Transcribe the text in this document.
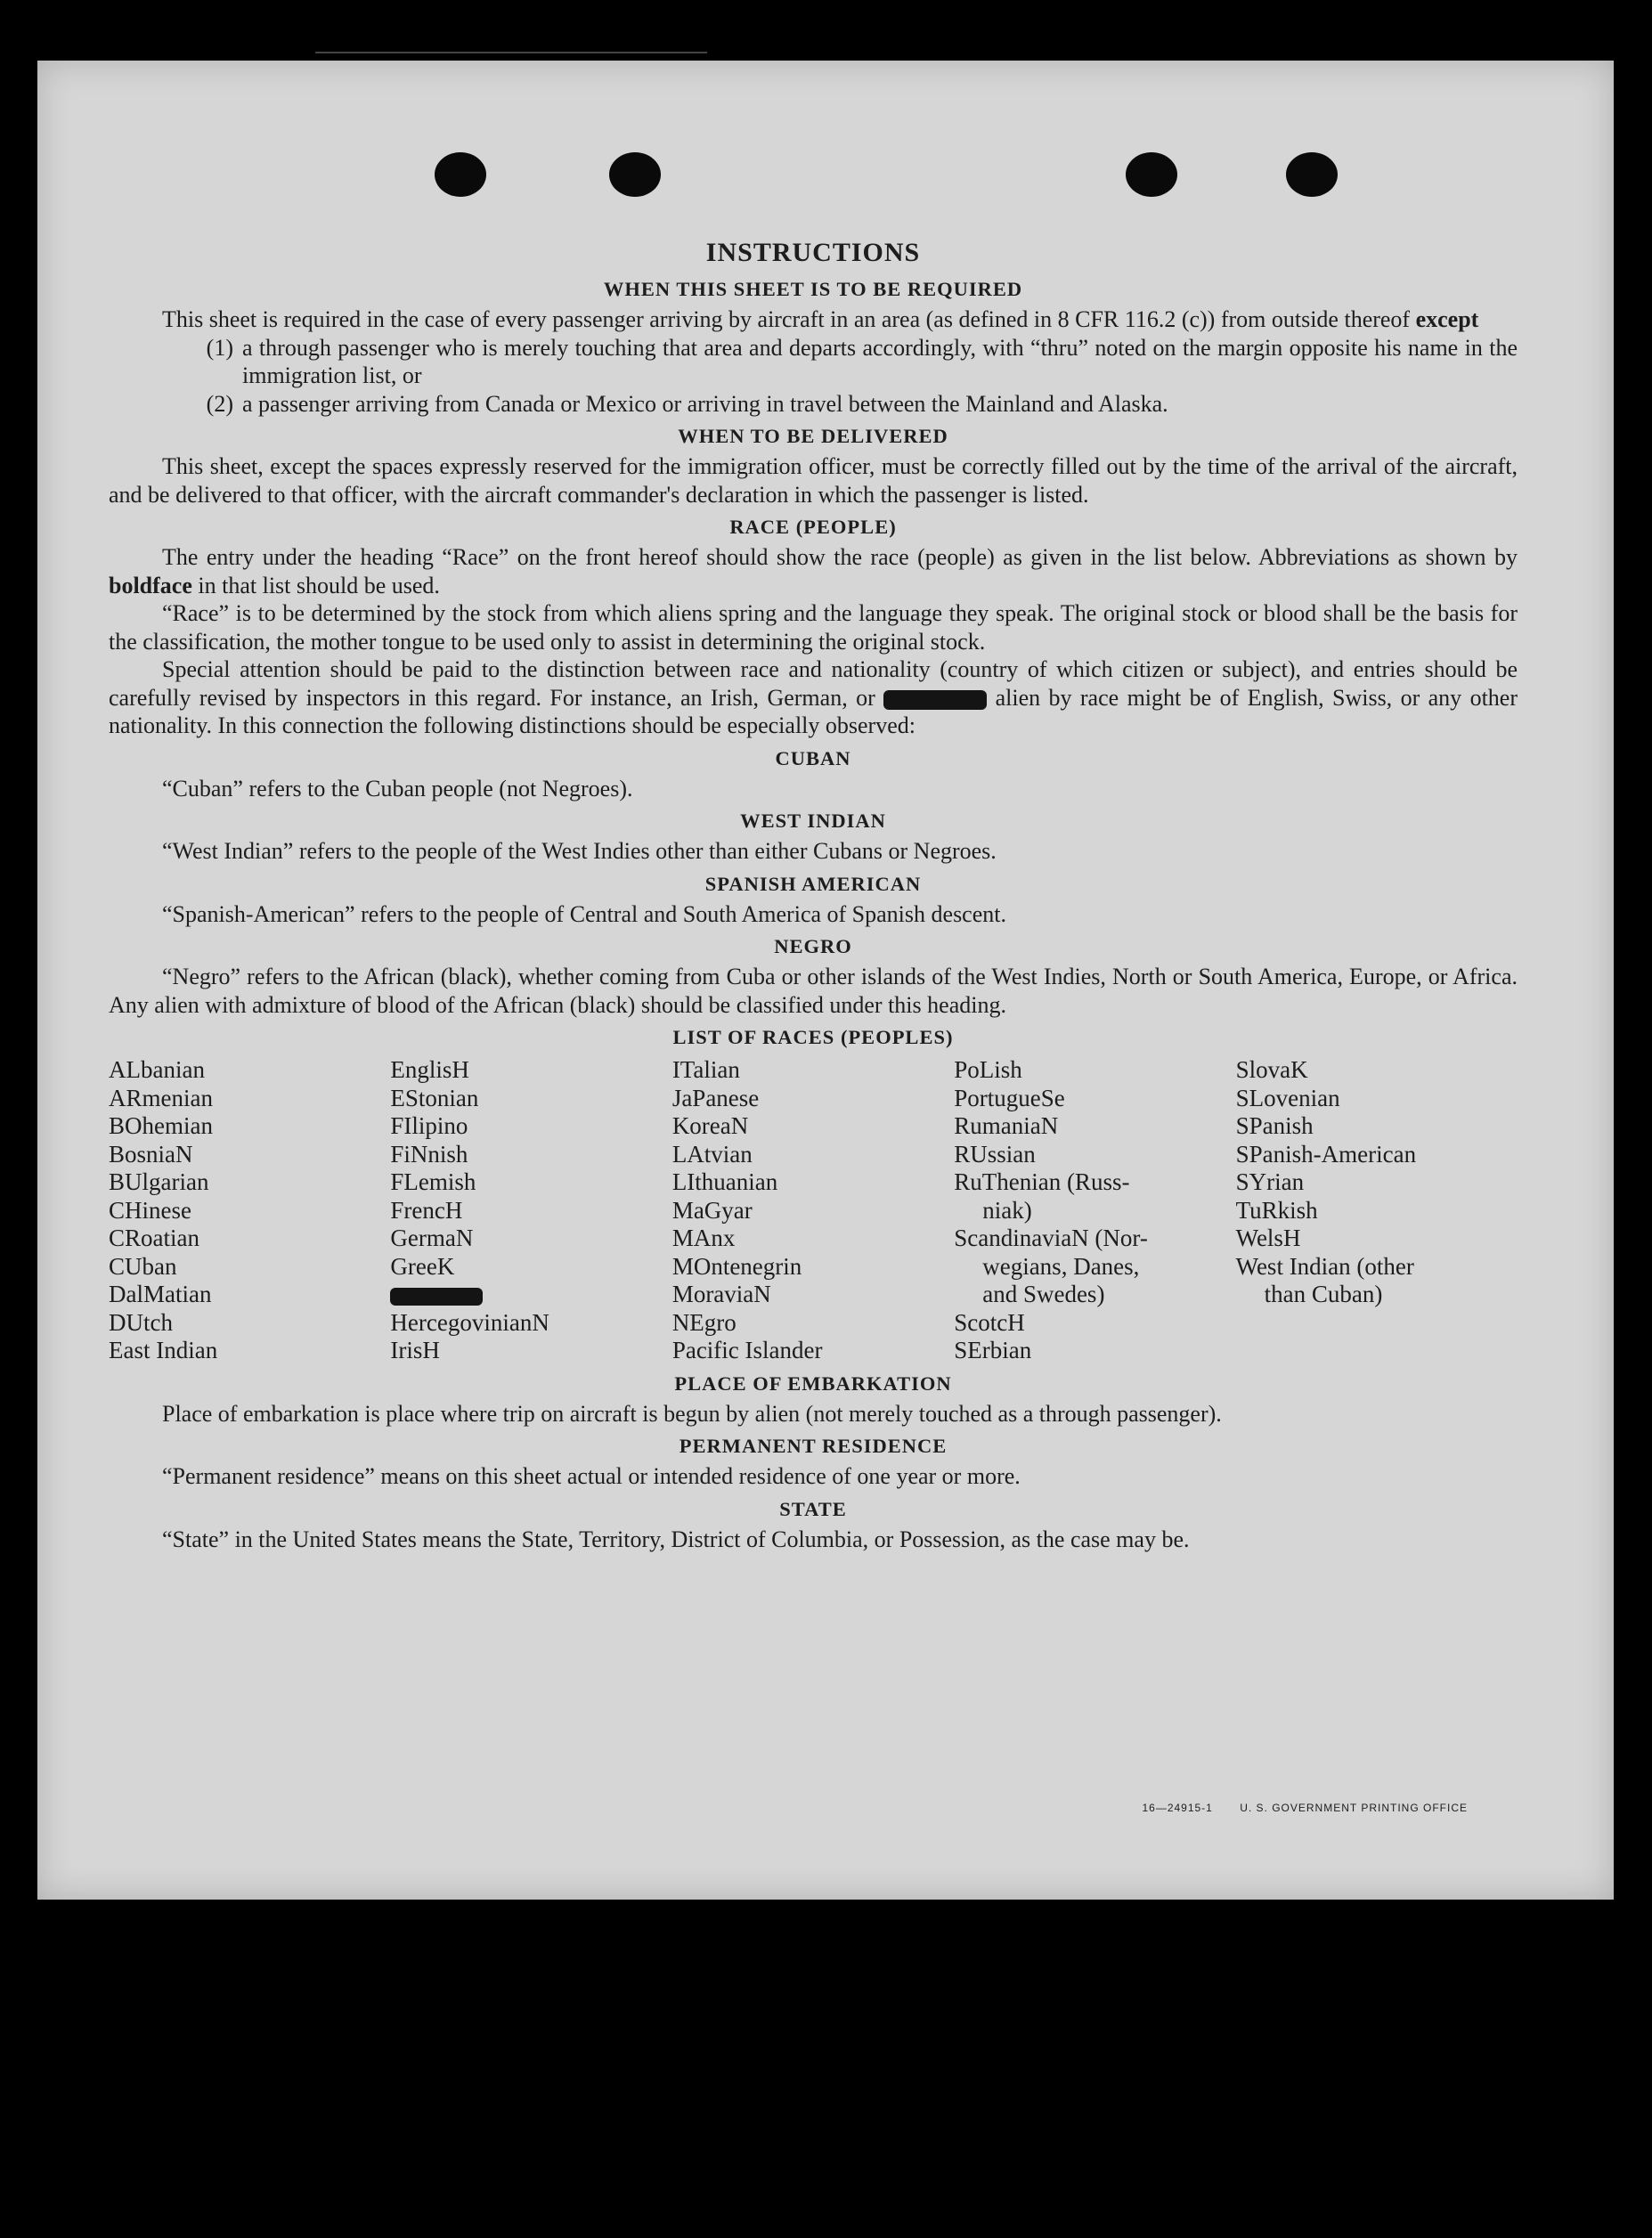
INSTRUCTIONS
WHEN THIS SHEET IS TO BE REQUIRED

This sheet is required in the case of every passenger arriving by aircraft in an area (as defined in 8 CFR 116.2 (c)) from outside thereof except

(1) a through passenger who is merely touching that area and departs accordingly, with “thru” noted on the margin opposite his name in the immigration list, or
(2) a passenger arriving from Canada or Mexico or arriving in travel between the Mainland and Alaska.
WHEN TO BE DELIVERED

This sheet, except the spaces expressly reserved for the immigration officer, must be correctly filled out by the time of the arrival of the aircraft, and be delivered to that officer, with the aircraft commander's declaration in which the passenger is listed.

RACE (PEOPLE)

The entry under the heading “Race” on the front hereof should show the race (people) as given in the list below. Abbreviations as shown by boldface in that list should be used.

“Race” is to be determined by the stock from which aliens spring and the language they speak. The original stock or blood shall be the basis for the classification, the mother tongue to be used only to assist in determining the original stock.

Special attention should be paid to the distinction between race and nationality (country of which citizen or subject), and entries should be carefully revised by inspectors in this regard. For instance, an Irish, German, or	alien by race might be of English, Swiss, or any other nationality. In this connection the following distinctions should be especially observed:

CUBAN

“Cuban” refers to the Cuban people (not Negroes).

WEST INDIAN

“West Indian” refers to the people of the West Indies other than either Cubans or Negroes.

SPANISH AMERICAN

“Spanish-American” refers to the people of Central and South America of Spanish descent.

NEGRO

“Negro” refers to the African (black), whether coming from Cuba or other islands of the West Indies, North or South America, Europe, or Africa. Any alien with admixture of blood of the African (black) should be classified under this heading.

LIST OF RACES (PEOPLES)
ALbanian
ARmenian
BOhemian
BosniaN
BUlgarian
CHinese
CRoatian
CUban
DalMatian
DUtch
East Indian
EnglisH
EStonian
FIlipino
FiNnish
FLemish
FrencH
GermaN
GreeK
HercegovinianN
IrisH
ITalian
JaPanese
KoreaN
LAtvian
LIthuanian
MaGyar
MAnx
MOntenegrin
MoraviaN
NEgro
Pacific Islander
PoLish
PortugueSe
RumaniaN
RUssian
RuThenian (Russ-
niak)
ScandinaviaN (Nor-
wegians, Danes,
and Swedes)
ScotcH
SErbian
SlovaK
SLovenian
SPanish
SPanish-American
SYrian
TuRkish
WelsH
West Indian (other
than Cuban)
PLACE OF EMBARKATION

Place of embarkation is place where trip on aircraft is begun by alien (not merely touched as a through passenger).

PERMANENT RESIDENCE

“Permanent residence” means on this sheet actual or intended residence of one year or more.

STATE

“State” in the United States means the State, Territory, District of Columbia, or Possession, as the case may be.

16—24915-1	U. S. GOVERNMENT PRINTING OFFICE
